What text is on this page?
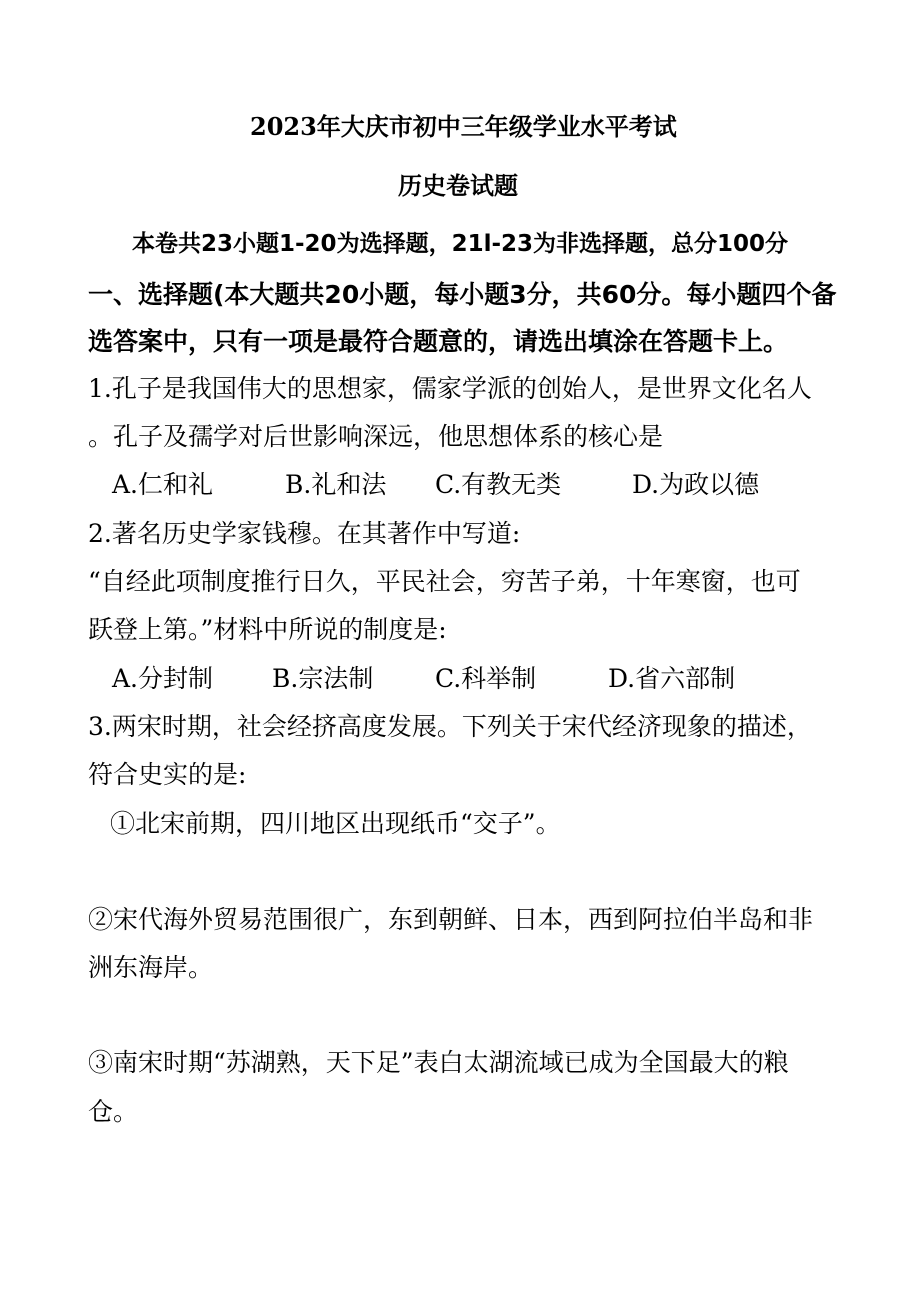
2023年大庆市初中三年级学业水平考试
历史卷试题
本卷共23小题1-20为选择题，21l-23为非选择题，总分100分
一、选择题(本大题共20小题，每小题3分，共60分。每小题四个备
选答案中，只有一项是最符合题意的，请选出填涂在答题卡上。
1.孔子是我国伟大的思想家，儒家学派的创始人，是世界文化名人
。孔子及孺学对后世影响深远，他思想体系的核心是
A.仁和礼	B.礼和法 C.有教无类	D.为政以德
2.著名历史学家钱穆。在其著作中写道:
“自经此项制度推行日久，平民社会，穷苦子弟，十年寒窗，也可
跃登上第。”材料中所说的制度是:
A.分封制 B.宗法制 C.科举制	D.省六部制
3.两宋时期，社会经挤高度发展。下列关于宋代经济现象的描述，
符合史实的是:
①北宋前期，四川地区出现纸币“交子”。
②宋代海外贸易范围很广，东到朝鲜、日本，西到阿拉伯半岛和非
洲东海岸。
③南宋时期“苏湖熟，天下足”表白太湖流域已成为全国最大的粮
仓。
